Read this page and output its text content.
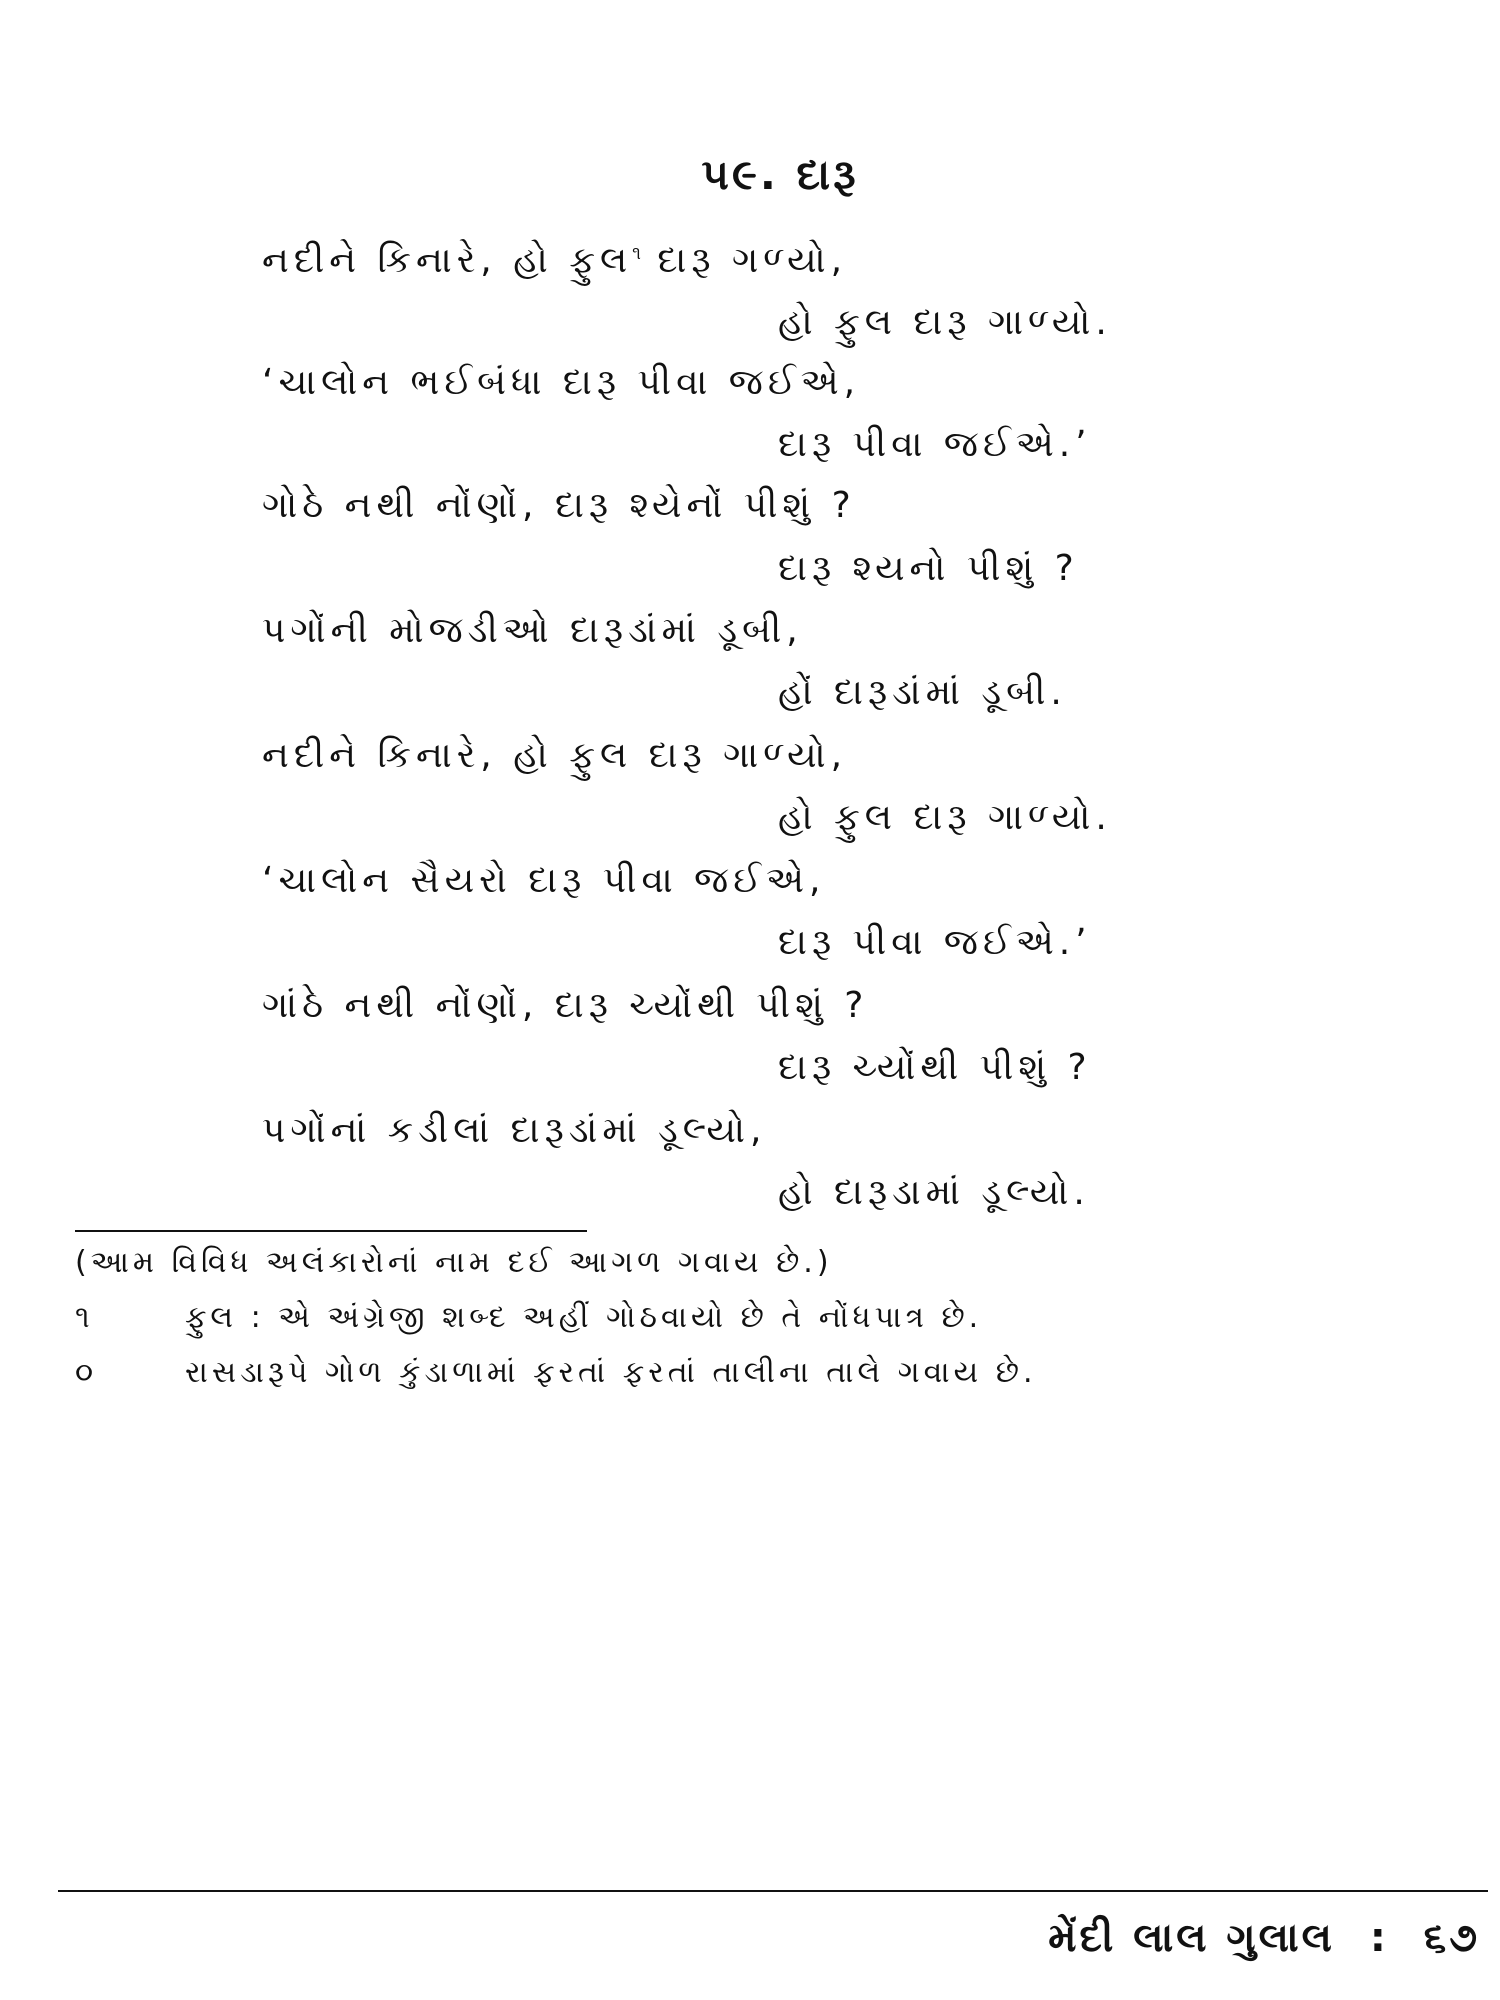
૫૯. દારૂ
નદીને કિનારે, હો ફુલ$^૧$ દારૂ ગળ્યો,
હો ફુલ દારૂ ગાળ્યો.
‘ચાલોન ભઈબંધા દારૂ પીવા જઈએ,
દારૂ પીવા જઈએ.’
ગોઠે નથી નોંણોં, દારૂ શ્યેનોં પીશું ?
દારૂ શ્યનો પીશું ?
પગોંની મોજડીઓ દારૂડાંમાં ડૂબી,
હોં દારૂડાંમાં ડૂબી.
નદીને કિનારે, હો ફુલ દારૂ ગાળ્યો,
હો ફુલ દારૂ ગાળ્યો.
‘ચાલોન સૈયરો દારૂ પીવા જઈએ,
દારૂ પીવા જઈએ.’
ગાંઠે નથી નોંણોં, દારૂ ચ્યોંથી પીશું ?
દારૂ ચ્યોંથી પીશું ?
પગોંનાં કડીલાં દારૂડાંમાં ડૂલ્યો,
હો દારૂડામાં ડૂલ્યો.
(આમ વિવિધ અલંકારોનાં નામ દઈ આગળ ગવાય છે.)
૧	ફુલ : એ અંગ્રેજી શબ્દ અહીં ગોઠવાયો છે તે નોંધપાત્ર છે.
૦	રાસડારૂપે ગોળ કુંડાળામાં ફરતાં ફરતાં તાલીના તાલે ગવાય છે.
મેંદી લાલ ગુલાલ : ૬૭
